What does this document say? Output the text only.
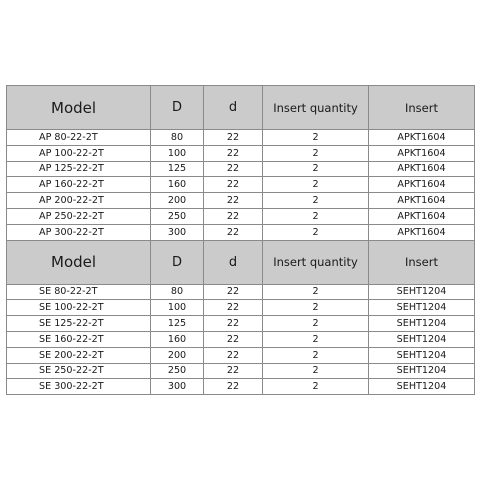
Model	D	d	Insert quantity	Insert
AP 80-22-2T	80	22	2	APKT1604
AP 100-22-2T	100	22	2	APKT1604
AP 125-22-2T	125	22	2	APKT1604
AP 160-22-2T	160	22	2	APKT1604
AP 200-22-2T	200	22	2	APKT1604
AP 250-22-2T	250	22	2	APKT1604
AP 300-22-2T	300	22	2	APKT1604
Model	D	d	Insert quantity	Insert
SE 80-22-2T	80	22	2	SEHT1204
SE 100-22-2T	100	22	2	SEHT1204
SE 125-22-2T	125	22	2	SEHT1204
SE 160-22-2T	160	22	2	SEHT1204
SE 200-22-2T	200	22	2	SEHT1204
SE 250-22-2T	250	22	2	SEHT1204
SE 300-22-2T	300	22	2	SEHT1204
